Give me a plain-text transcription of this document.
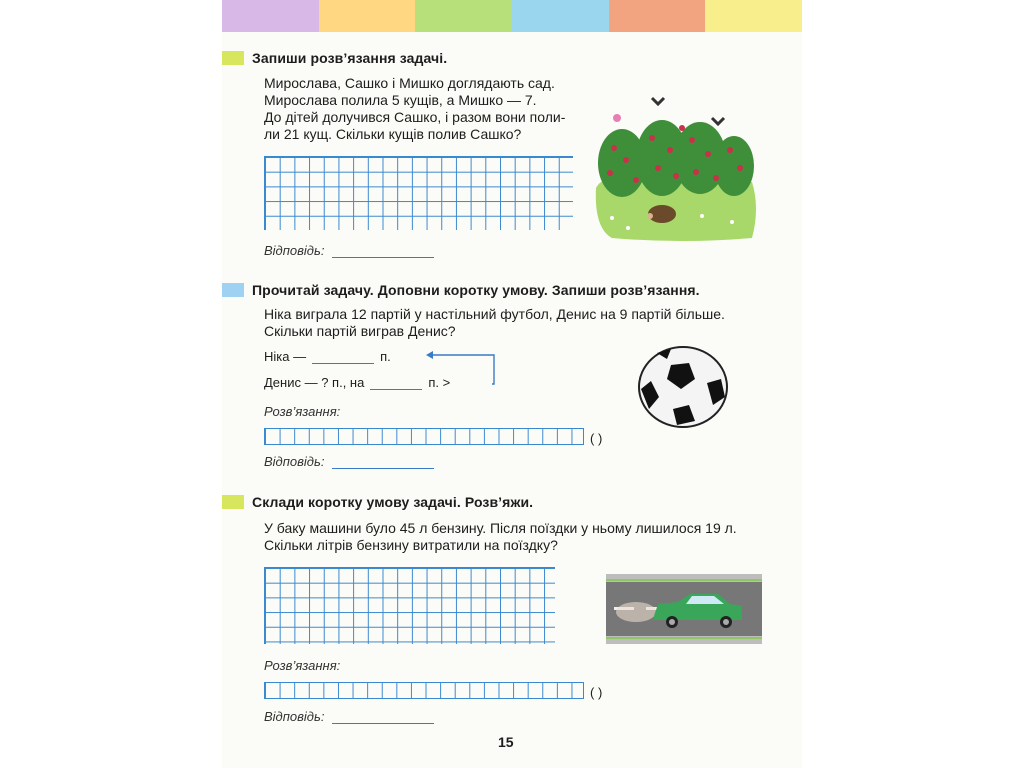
Запиши розв’язання задачі.
Мирослава, Сашко і Мишко доглядають сад.
Мирослава полила 5 кущів, а Мишко — 7.
До дітей долучився Сашко, і разом вони поли-
ли 21 кущ. Скільки кущів полив Сашко?
Відповідь:
Прочитай задачу. Доповни коротку умову. Запиши розв’язання.
Ніка виграла 12 партій у настільний футбол, Денис на 9 партій більше.
Скільки партій виграв Денис?
Ніка —	п.
Денис — ? п., на	п. >
Розв’язання:
( )
Відповідь:
Склади коротку умову задачі. Розв’яжи.
У баку машини було 45 л бензину. Після поїздки у ньому лишилося 19 л.
Скільки літрів бензину витратили на поїздку?
Розв’язання:
( )
Відповідь:
15
